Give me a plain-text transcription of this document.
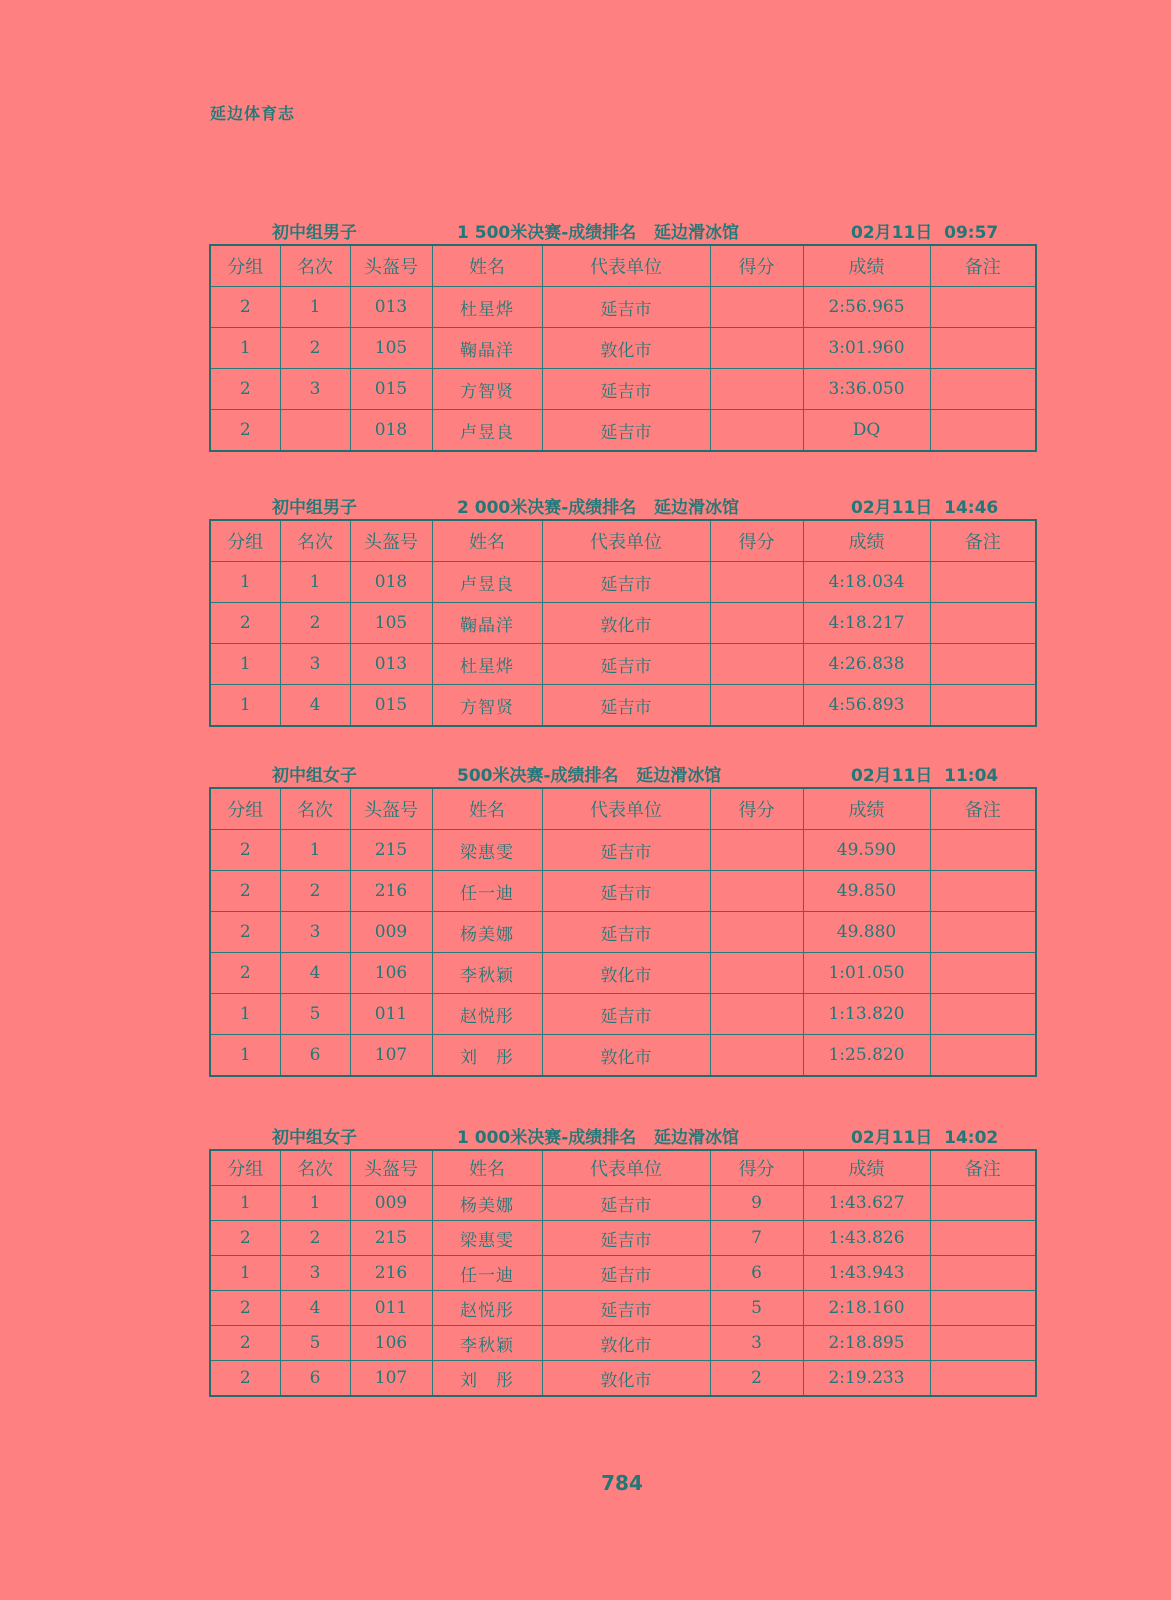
延边体育志
初中组男子	1 500米决赛-成绩排名   延边滑冰馆	02月11日  09:57
分组	名次	头盔号	姓名	代表单位	得分	成绩	备注
2	1	013	杜星烨	延吉市		2:56.965	
1	2	105	鞠晶洋	敦化市		3:01.960	
2	3	015	方智贤	延吉市		3:36.050	
2		018	卢昱良	延吉市		DQ	
初中组男子	2 000米决赛-成绩排名   延边滑冰馆	02月11日  14:46
分组	名次	头盔号	姓名	代表单位	得分	成绩	备注
1	1	018	卢昱良	延吉市		4:18.034	
2	2	105	鞠晶洋	敦化市		4:18.217	
1	3	013	杜星烨	延吉市		4:26.838	
1	4	015	方智贤	延吉市		4:56.893	
初中组女子	500米决赛-成绩排名   延边滑冰馆	02月11日  11:04
分组	名次	头盔号	姓名	代表单位	得分	成绩	备注
2	1	215	梁惠雯	延吉市		49.590	
2	2	216	任一迪	延吉市		49.850	
2	3	009	杨美娜	延吉市		49.880	
2	4	106	李秋颖	敦化市		1:01.050	
1	5	011	赵悦彤	延吉市		1:13.820	
1	6	107	刘　彤	敦化市		1:25.820	
初中组女子	1 000米决赛-成绩排名   延边滑冰馆	02月11日  14:02
分组	名次	头盔号	姓名	代表单位	得分	成绩	备注
1	1	009	杨美娜	延吉市	9	1:43.627	
2	2	215	梁惠雯	延吉市	7	1:43.826	
1	3	216	任一迪	延吉市	6	1:43.943	
2	4	011	赵悦彤	延吉市	5	2:18.160	
2	5	106	李秋颖	敦化市	3	2:18.895	
2	6	107	刘　彤	敦化市	2	2:19.233	
784
